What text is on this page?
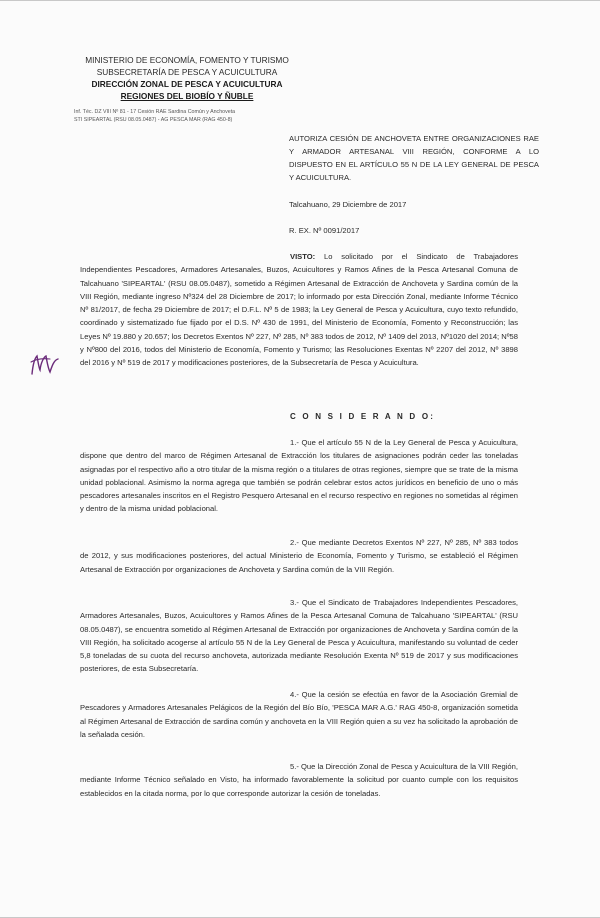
MINISTERIO DE ECONOMÍA, FOMENTO Y TURISMO
SUBSECRETARÍA DE PESCA Y ACUICULTURA
DIRECCIÓN ZONAL DE PESCA Y ACUICULTURA
REGIONES DEL BIOBÍO Y ÑUBLE
Inf. Téc. DZ VIII Nº 81 - 17 Cesión RAE Sardina Común y Anchoveta
STI SIPEARTAL (RSU 08.05.0487) - AG PESCA MAR (RAG 450-8)
AUTORIZA CESIÓN DE ANCHOVETA ENTRE ORGANIZACIONES RAE Y ARMADOR ARTESANAL VIII REGIÓN, CONFORME A LO DISPUESTO EN EL ARTÍCULO 55 N DE LA LEY GENERAL DE PESCA Y ACUICULTURA.
Talcahuano, 29 Diciembre de 2017
R. EX. Nº 0091/2017
VISTO: Lo solicitado por el Sindicato de Trabajadores Independientes Pescadores, Armadores Artesanales, Buzos, Acuicultores y Ramos Afines de la Pesca Artesanal Comuna de Talcahuano 'SIPEARTAL' (RSU 08.05.0487), sometido a Régimen Artesanal de Extracción de Anchoveta y Sardina común de la VIII Región, mediante ingreso Nº324 del 28 Diciembre de 2017; lo informado por esta Dirección Zonal, mediante Informe Técnico Nº 81/2017, de fecha 29 Diciembre de 2017; el D.F.L. Nº 5 de 1983; la Ley General de Pesca y Acuicultura, cuyo texto refundido, coordinado y sistematizado fue fijado por el D.S. Nº 430 de 1991, del Ministerio de Economía, Fomento y Reconstrucción; las Leyes Nº 19.880 y 20.657; los Decretos Exentos Nº 227, Nº 285, Nº 383 todos de 2012, Nº 1409 del 2013, Nº1020 del 2014; Nº58 y Nº800 del 2016, todos del Ministerio de Economía, Fomento y Turismo; las Resoluciones Exentas Nº 2207 del 2012, Nº 3898 del 2016 y Nº 519 de 2017 y modificaciones posteriores, de la Subsecretaría de Pesca y Acuicultura.
C O N S I D E R A N D O:
1.- Que el artículo 55 N de la Ley General de Pesca y Acuicultura, dispone que dentro del marco de Régimen Artesanal de Extracción los titulares de asignaciones podrán ceder las toneladas asignadas por el respectivo año a otro titular de la misma región o a titulares de otras regiones, siempre que se trate de la misma unidad poblacional. Asimismo la norma agrega que también se podrán celebrar estos actos jurídicos en beneficio de uno o más pescadores artesanales inscritos en el Registro Pesquero Artesanal en el recurso respectivo en regiones no sometidas al régimen y dentro de la misma unidad poblacional.
2.- Que mediante Decretos Exentos Nº 227, Nº 285, Nº 383 todos de 2012, y sus modificaciones posteriores, del actual Ministerio de Economía, Fomento y Turismo, se estableció el Régimen Artesanal de Extracción por organizaciones de Anchoveta y Sardina común de la VIII Región.
3.- Que el Sindicato de Trabajadores Independientes Pescadores, Armadores Artesanales, Buzos, Acuicultores y Ramos Afines de la Pesca Artesanal Comuna de Talcahuano 'SIPEARTAL' (RSU 08.05.0487), se encuentra sometido al Régimen Artesanal de Extracción por organizaciones de Anchoveta y Sardina común de la VIII Región, ha solicitado acogerse al artículo 55 N de la Ley General de Pesca y Acuicultura, manifestando su voluntad de ceder 5,8 toneladas de su cuota del recurso anchoveta, autorizada mediante Resolución Exenta Nº 519 de 2017 y sus modificaciones posteriores, de esta Subsecretaría.
4.- Que la cesión se efectúa en favor de la Asociación Gremial de Pescadores y Armadores Artesanales Pelágicos de la Región del Bío Bío, 'PESCA MAR A.G.' RAG 450-8, organización sometida al Régimen Artesanal de Extracción de sardina común y anchoveta en la VIII Región quien a su vez ha solicitado la aprobación de la señalada cesión.
5.- Que la Dirección Zonal de Pesca y Acuicultura de la VIII Región, mediante Informe Técnico señalado en Visto, ha informado favorablemente la solicitud por cuanto cumple con los requisitos establecidos en la citada norma, por lo que corresponde autorizar la cesión de toneladas.
